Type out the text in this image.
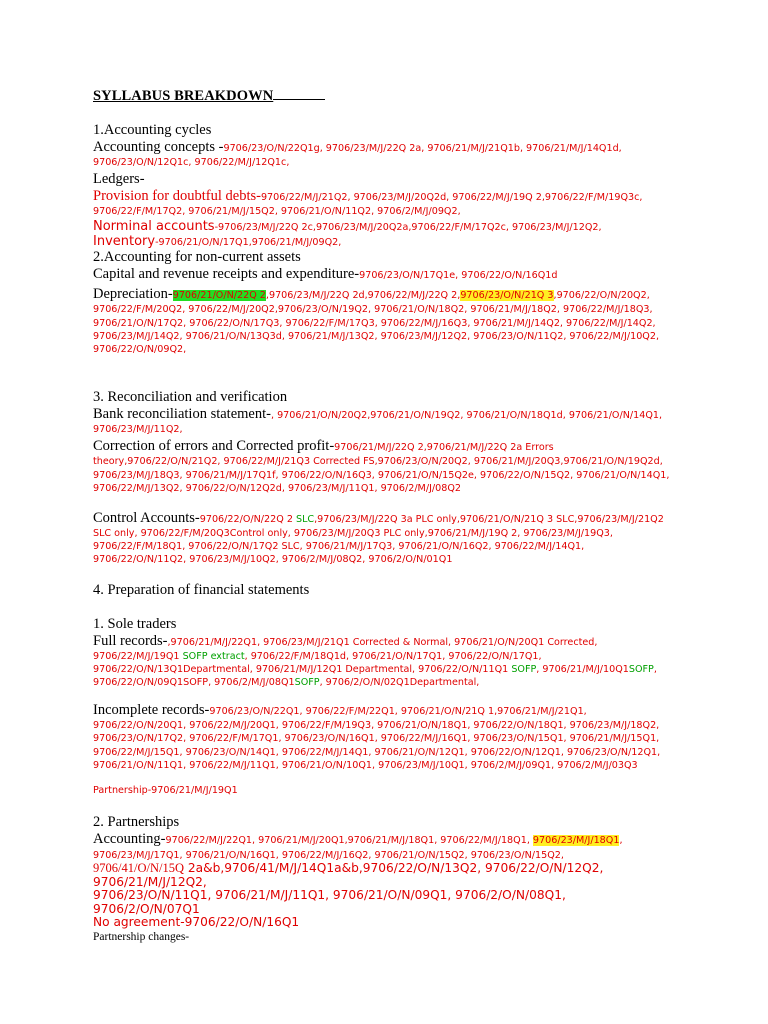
SYLLABUS BREAKDOWN

1.Accounting cycles

Accounting concepts -9706/23/O/N/22Q1g, 9706/23/M/J/22Q 2a, 9706/21/M/J/21Q1b, 9706/21/M/J/14Q1d, 9706/23/O/N/12Q1c, 9706/22/M/J/12Q1c,

Ledgers-

Provision for doubtful debts-9706/22/M/J/21Q2, 9706/23/M/J/20Q2d, 9706/22/M/J/19Q 2,9706/22/F/M/19Q3c, 9706/22/F/M/17Q2, 9706/21/M/J/15Q2, 9706/21/O/N/11Q2, 9706/2/M/J/09Q2,

Norminal accounts-9706/23/M/J/22Q 2c,9706/23/M/J/20Q2a,9706/22/F/M/17Q2c, 9706/23/M/J/12Q2,

Inventory-9706/21/O/N/17Q1,9706/21/M/J/09Q2,

2.Accounting for non-current assets

Capital and revenue receipts and expenditure-9706/23/O/N/17Q1e, 9706/22/O/N/16Q1d

Depreciation-9706/21/O/N/22Q 2,9706/23/M/J/22Q 2d,9706/22/M/J/22Q 2,9706/23/O/N/21Q 3,9706/22/O/N/20Q2, 9706/22/F/M/20Q2, 9706/22/M/J/20Q2,9706/23/O/N/19Q2, 9706/21/O/N/18Q2, 9706/21/M/J/18Q2, 9706/22/M/J/18Q3, 9706/21/O/N/17Q2, 9706/22/O/N/17Q3, 9706/22/F/M/17Q3, 9706/22/M/J/16Q3, 9706/21/M/J/14Q2, 9706/22/M/J/14Q2, 9706/23/M/J/14Q2, 9706/21/O/N/13Q3d, 9706/21/M/J/13Q2, 9706/23/M/J/12Q2, 9706/23/O/N/11Q2, 9706/22/M/J/10Q2, 9706/22/O/N/09Q2,

3. Reconciliation and verification

Bank reconciliation statement-, 9706/21/O/N/20Q2,9706/21/O/N/19Q2, 9706/21/O/N/18Q1d, 9706/21/O/N/14Q1, 9706/23/M/J/11Q2,

Correction of errors and Corrected profit-9706/21/M/J/22Q 2,9706/21/M/J/22Q 2a Errors theory,9706/22/O/N/21Q2, 9706/22/M/J/21Q3 Corrected FS,9706/23/O/N/20Q2, 9706/21/M/J/20Q3,9706/21/O/N/19Q2d, 9706/23/M/J/18Q3, 9706/21/M/J/17Q1f, 9706/22/O/N/16Q3, 9706/21/O/N/15Q2e, 9706/22/O/N/15Q2, 9706/21/O/N/14Q1, 9706/22/M/J/13Q2, 9706/22/O/N/12Q2d, 9706/23/M/J/11Q1, 9706/2/M/J/08Q2

Control Accounts-9706/22/O/N/22Q 2 SLC,9706/23/M/J/22Q 3a PLC only,9706/21/O/N/21Q 3 SLC,9706/23/M/J/21Q2 SLC only, 9706/22/F/M/20Q3Control only, 9706/23/M/J/20Q3 PLC only,9706/21/M/J/19Q 2, 9706/23/M/J/19Q3, 9706/22/F/M/18Q1, 9706/22/O/N/17Q2 SLC, 9706/21/M/J/17Q3, 9706/21/O/N/16Q2, 9706/22/M/J/14Q1, 9706/22/O/N/11Q2, 9706/23/M/J/10Q2, 9706/2/M/J/08Q2, 9706/2/O/N/01Q1

4. Preparation of financial statements

1. Sole traders

Full records-,9706/21/M/J/22Q1, 9706/23/M/J/21Q1 Corrected & Normal, 9706/21/O/N/20Q1 Corrected, 9706/22/M/J/19Q1 SOFP extract, 9706/22/F/M/18Q1d, 9706/21/O/N/17Q1, 9706/22/O/N/17Q1, 9706/22/O/N/13Q1Departmental, 9706/21/M/J/12Q1 Departmental, 9706/22/O/N/11Q1 SOFP, 9706/21/M/J/10Q1SOFP, 9706/22/O/N/09Q1SOFP, 9706/2/M/J/08Q1SOFP, 9706/2/O/N/02Q1Departmental,

Incomplete records-9706/23/O/N/22Q1, 9706/22/F/M/22Q1, 9706/21/O/N/21Q 1,9706/21/M/J/21Q1, 9706/22/O/N/20Q1, 9706/22/M/J/20Q1, 9706/22/F/M/19Q3, 9706/21/O/N/18Q1, 9706/22/O/N/18Q1, 9706/23/M/J/18Q2, 9706/23/O/N/17Q2, 9706/22/F/M/17Q1, 9706/23/O/N/16Q1, 9706/22/M/J/16Q1, 9706/23/O/N/15Q1, 9706/21/M/J/15Q1, 9706/22/M/J/15Q1, 9706/23/O/N/14Q1, 9706/22/M/J/14Q1, 9706/21/O/N/12Q1, 9706/22/O/N/12Q1, 9706/23/O/N/12Q1, 9706/21/O/N/11Q1, 9706/22/M/J/11Q1, 9706/21/O/N/10Q1, 9706/23/M/J/10Q1, 9706/2/M/J/09Q1, 9706/2/M/J/03Q3

Partnership-9706/21/M/J/19Q1

2. Partnerships

Accounting-9706/22/M/J/22Q1, 9706/21/M/J/20Q1,9706/21/M/J/18Q1, 9706/22/M/J/18Q1, 9706/23/M/J/18Q1, 9706/23/M/J/17Q1, 9706/21/O/N/16Q1, 9706/22/M/J/16Q2, 9706/21/O/N/15Q2, 9706/23/O/N/15Q2,
9706/41/O/N/15Q 2a&b,9706/41/M/J/14Q1a&b,9706/22/O/N/13Q2, 9706/22/O/N/12Q2, 9706/21/M/J/12Q2,

9706/23/O/N/11Q1, 9706/21/M/J/11Q1, 9706/21/O/N/09Q1, 9706/2/O/N/08Q1, 9706/2/O/N/07Q1

No agreement-9706/22/O/N/16Q1

Partnership changes-
